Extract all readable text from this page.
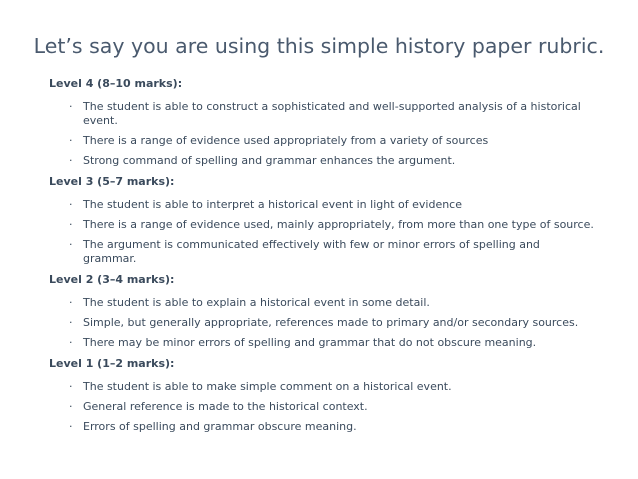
Let’s say you are using this simple history paper rubric.

Level 4 (8–10 marks):

· The student is able to construct a sophisticated and well-supported analysis of a historical event.
· There is a range of evidence used appropriately from a variety of sources
· Strong command of spelling and grammar enhances the argument.

Level 3 (5–7 marks):

· The student is able to interpret a historical event in light of evidence
· There is a range of evidence used, mainly appropriately, from more than one type of source.
· The argument is communicated effectively with few or minor errors of spelling and grammar.

Level 2 (3–4 marks):

· The student is able to explain a historical event in some detail.
· Simple, but generally appropriate, references made to primary and/or secondary sources.
· There may be minor errors of spelling and grammar that do not obscure meaning.

Level 1 (1–2 marks):

· The student is able to make simple comment on a historical event.
· General reference is made to the historical context.
· Errors of spelling and grammar obscure meaning.
